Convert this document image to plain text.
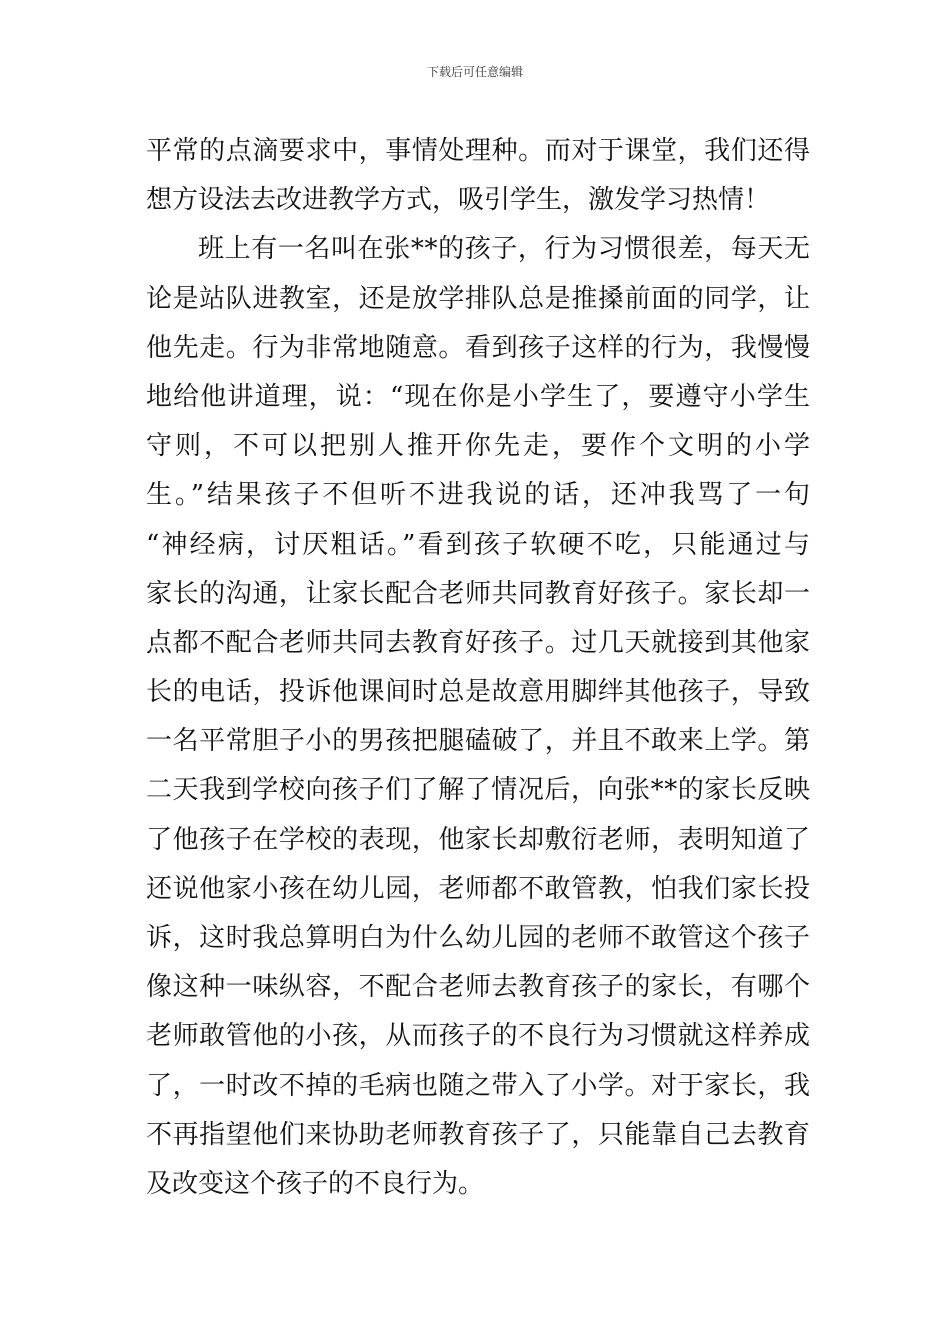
下载后可任意编辑
平常的点滴要求中，事情处理种。而对于课堂，我们还得
想方设法去改进教学方式，吸引学生，激发学习热情！
班上有一名叫在张**的孩子，行为习惯很差，每天无
论是站队进教室，还是放学排队总是推搡前面的同学，让
他先走。行为非常地随意。看到孩子这样的行为，我慢慢
地给他讲道理，说：“现在你是小学生了，要遵守小学生
守则，不可以把别人推开你先走，要作个文明的小学
生。”结果孩子不但听不进我说的话，还冲我骂了一句
“神经病，讨厌粗话。”看到孩子软硬不吃，只能通过与
家长的沟通，让家长配合老师共同教育好孩子。家长却一
点都不配合老师共同去教育好孩子。过几天就接到其他家
长的电话，投诉他课间时总是故意用脚绊其他孩子，导致
一名平常胆子小的男孩把腿磕破了，并且不敢来上学。第
二天我到学校向孩子们了解了情况后，向张**的家长反映
了他孩子在学校的表现，他家长却敷衍老师，表明知道了
还说他家小孩在幼儿园，老师都不敢管教，怕我们家长投
诉，这时我总算明白为什么幼儿园的老师不敢管这个孩子
像这种一味纵容，不配合老师去教育孩子的家长，有哪个
老师敢管他的小孩，从而孩子的不良行为习惯就这样养成
了，一时改不掉的毛病也随之带入了小学。对于家长，我
不再指望他们来协助老师教育孩子了，只能靠自己去教育
及改变这个孩子的不良行为。
